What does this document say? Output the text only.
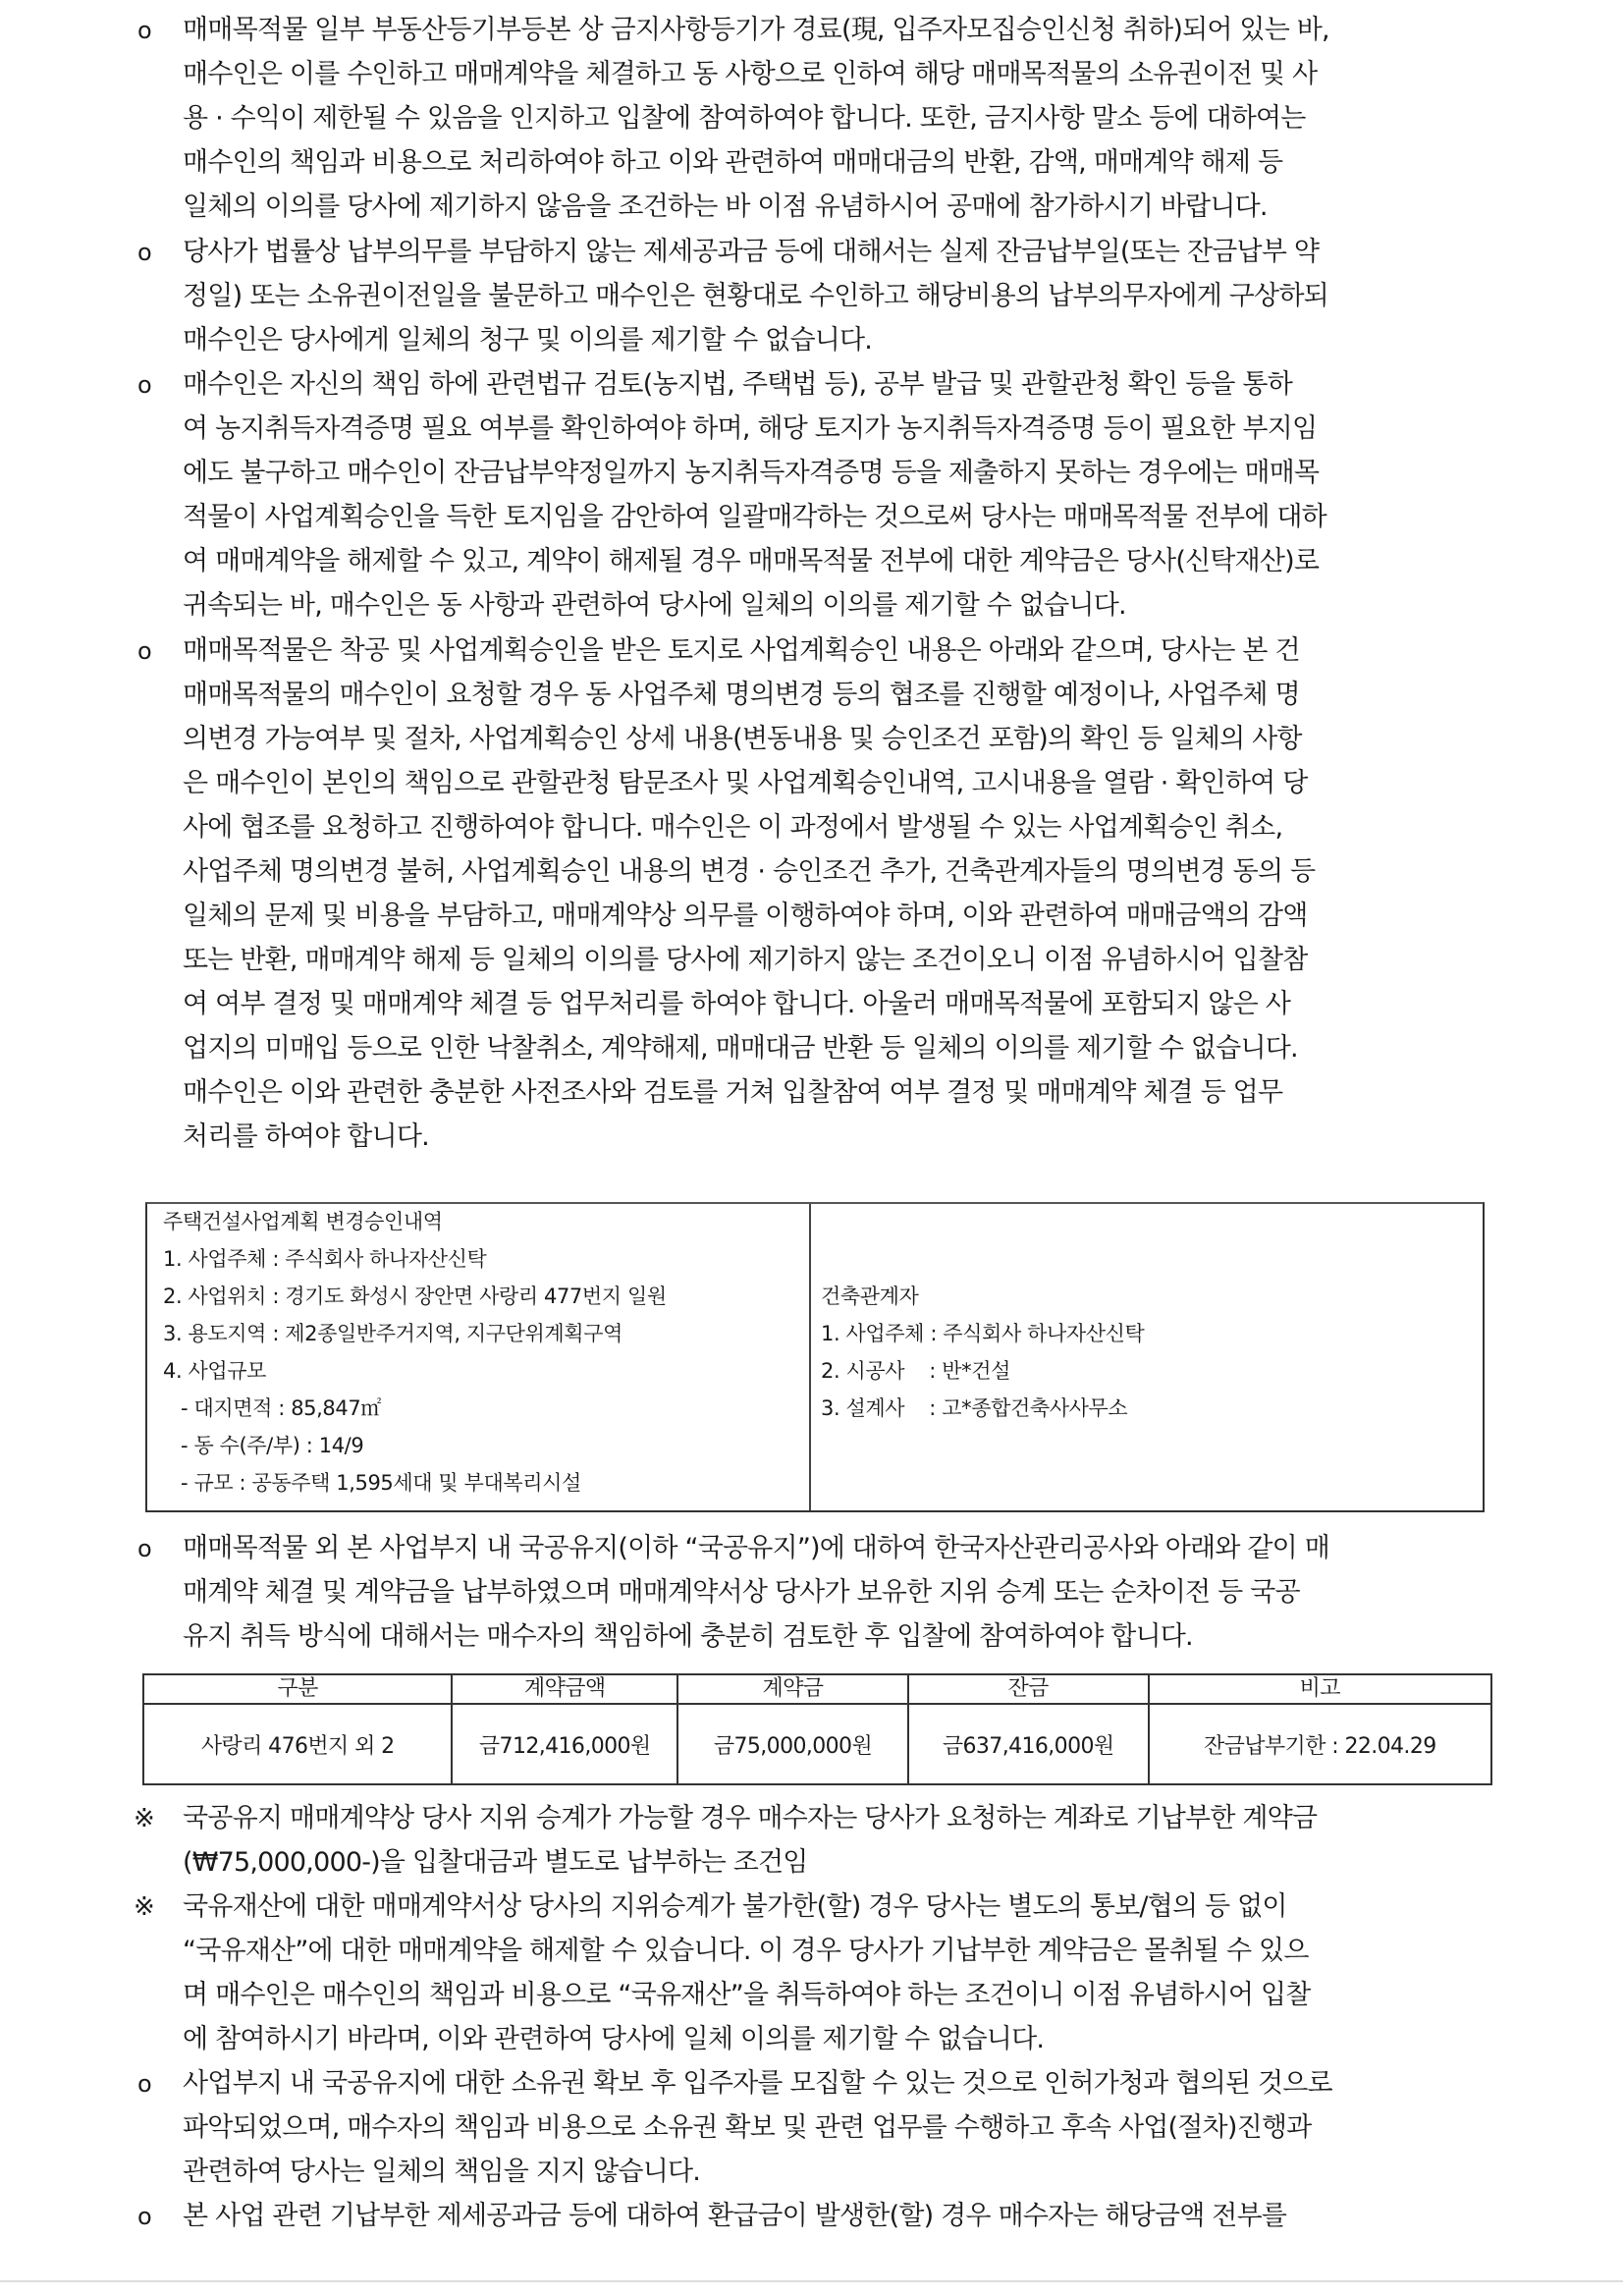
o 매매목적물 일부 부동산등기부등본 상 금지사항등기가 경료(現, 입주자모집승인신청 취하)되어 있는 바,
매수인은 이를 수인하고 매매계약을 체결하고 동 사항으로 인하여 해당 매매목적물의 소유권이전 및 사
용 · 수익이 제한될 수 있음을 인지하고 입찰에 참여하여야 합니다. 또한, 금지사항 말소 등에 대하여는
매수인의 책임과 비용으로 처리하여야 하고 이와 관련하여 매매대금의 반환, 감액, 매매계약 해제 등
일체의 이의를 당사에 제기하지 않음을 조건하는 바 이점 유념하시어 공매에 참가하시기 바랍니다.
o 당사가 법률상 납부의무를 부담하지 않는 제세공과금 등에 대해서는 실제 잔금납부일(또는 잔금납부 약
정일) 또는 소유권이전일을 불문하고 매수인은 현황대로 수인하고 해당비용의 납부의무자에게 구상하되
매수인은 당사에게 일체의 청구 및 이의를 제기할 수 없습니다.
o 매수인은 자신의 책임 하에 관련법규 검토(농지법, 주택법 등), 공부 발급 및 관할관청 확인 등을 통하
여 농지취득자격증명 필요 여부를 확인하여야 하며, 해당 토지가 농지취득자격증명 등이 필요한 부지임
에도 불구하고 매수인이 잔금납부약정일까지 농지취득자격증명 등을 제출하지 못하는 경우에는 매매목
적물이 사업계획승인을 득한 토지임을 감안하여 일괄매각하는 것으로써 당사는 매매목적물 전부에 대하
여 매매계약을 해제할 수 있고, 계약이 해제될 경우 매매목적물 전부에 대한 계약금은 당사(신탁재산)로
귀속되는 바, 매수인은 동 사항과 관련하여 당사에 일체의 이의를 제기할 수 없습니다.
o 매매목적물은 착공 및 사업계획승인을 받은 토지로 사업계획승인 내용은 아래와 같으며, 당사는 본 건
매매목적물의 매수인이 요청할 경우 동 사업주체 명의변경 등의 협조를 진행할 예정이나, 사업주체 명
의변경 가능여부 및 절차, 사업계획승인 상세 내용(변동내용 및 승인조건 포함)의 확인 등 일체의 사항
은 매수인이 본인의 책임으로 관할관청 탐문조사 및 사업계획승인내역, 고시내용을 열람 · 확인하여 당
사에 협조를 요청하고 진행하여야 합니다. 매수인은 이 과정에서 발생될 수 있는 사업계획승인 취소,
사업주체 명의변경 불허, 사업계획승인 내용의 변경 · 승인조건 추가, 건축관계자들의 명의변경 동의 등
일체의 문제 및 비용을 부담하고, 매매계약상 의무를 이행하여야 하며, 이와 관련하여 매매금액의 감액
또는 반환, 매매계약 해제 등 일체의 이의를 당사에 제기하지 않는 조건이오니 이점 유념하시어 입찰참
여 여부 결정 및 매매계약 체결 등 업무처리를 하여야 합니다. 아울러 매매목적물에 포함되지 않은 사
업지의 미매입 등으로 인한 낙찰취소, 계약해제, 매매대금 반환 등 일체의 이의를 제기할 수 없습니다.
매수인은 이와 관련한 충분한 사전조사와 검토를 거쳐 입찰참여 여부 결정 및 매매계약 체결 등 업무
처리를 하여야 합니다.
주택건설사업계획 변경승인내역
1. 사업주체 : 주식회사 하나자산신탁
2. 사업위치 : 경기도 화성시 장안면 사랑리 477번지 일원
3. 용도지역 : 제2종일반주거지역, 지구단위계획구역
4. 사업규모
- 대지면적 : 85,847㎡
- 동 수(주/부) : 14/9
- 규모 : 공동주택 1,595세대 및 부대복리시설
건축관계자
1. 사업주체 : 주식회사 하나자산신탁
2. 시공사    : 반*건설
3. 설계사    : 고*종합건축사사무소
o 매매목적물 외 본 사업부지 내 국공유지(이하 “국공유지”)에 대하여 한국자산관리공사와 아래와 같이 매
매계약 체결 및 계약금을 납부하였으며 매매계약서상 당사가 보유한 지위 승계 또는 순차이전 등 국공
유지 취득 방식에 대해서는 매수자의 책임하에 충분히 검토한 후 입찰에 참여하여야 합니다.
구분	계약금액	계약금	잔금	비고
사랑리 476번지 외 2	금712,416,000원	금75,000,000원	금637,416,000원	잔금납부기한 : 22.04.29
※ 국공유지 매매계약상 당사 지위 승계가 가능할 경우 매수자는 당사가 요청하는 계좌로 기납부한 계약금
(₩75,000,000-)을 입찰대금과 별도로 납부하는 조건임
※ 국유재산에 대한 매매계약서상 당사의 지위승계가 불가한(할) 경우 당사는 별도의 통보/협의 등 없이
“국유재산”에 대한 매매계약을 해제할 수 있습니다. 이 경우 당사가 기납부한 계약금은 몰취될 수 있으
며 매수인은 매수인의 책임과 비용으로 “국유재산”을 취득하여야 하는 조건이니 이점 유념하시어 입찰
에 참여하시기 바라며, 이와 관련하여 당사에 일체 이의를 제기할 수 없습니다.
o 사업부지 내 국공유지에 대한 소유권 확보 후 입주자를 모집할 수 있는 것으로 인허가청과 협의된 것으로
파악되었으며, 매수자의 책임과 비용으로 소유권 확보 및 관련 업무를 수행하고 후속 사업(절차)진행과
관련하여 당사는 일체의 책임을 지지 않습니다.
o 본 사업 관련 기납부한 제세공과금 등에 대하여 환급금이 발생한(할) 경우 매수자는 해당금액 전부를
